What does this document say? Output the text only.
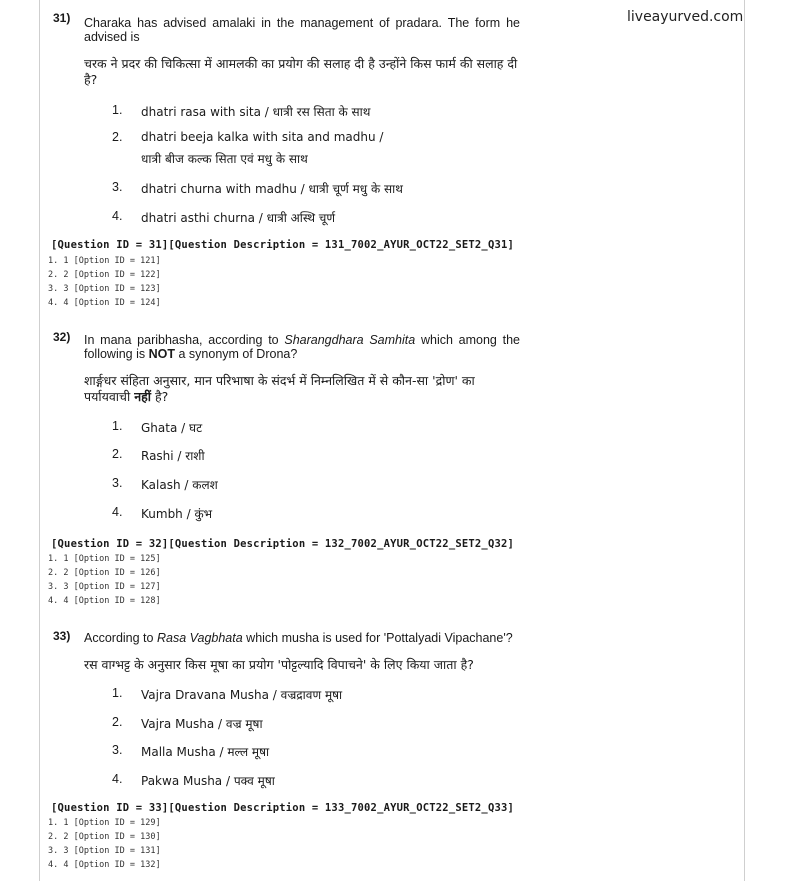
liveayurved.com
31) Charaka has advised amalaki in the management of pradara. The form he advised is
चरक ने प्रदर की चिकित्सा में आमलकी का प्रयोग की सलाह दी है उन्होंने किस फार्म की सलाह दी है?
1. dhatri rasa with sita / धात्री रस सिता के साथ
2. dhatri beeja kalka with sita and madhu /
धात्री बीज कल्क सिता एवं मधु के साथ
3. dhatri churna with madhu / धात्री चूर्ण मधु के साथ
4. dhatri asthi churna / धात्री अस्थि चूर्ण
[Question ID = 31][Question Description = 131_7002_AYUR_OCT22_SET2_Q31]
1. 1 [Option ID = 121]
2. 2 [Option ID = 122]
3. 3 [Option ID = 123]
4. 4 [Option ID = 124]
32) In mana paribhasha, according to Sharangdhara Samhita which among the following is NOT a synonym of Drona?
शार्ङ्गधर संहिता अनुसार, मान परिभाषा के संदर्भ में निम्नलिखित में से कौन-सा 'द्रोण' का पर्यायवाची नहीं है?
1. Ghata / घट
2. Rashi / राशी
3. Kalash / कलश
4. Kumbh / कुंभ
[Question ID = 32][Question Description = 132_7002_AYUR_OCT22_SET2_Q32]
1. 1 [Option ID = 125]
2. 2 [Option ID = 126]
3. 3 [Option ID = 127]
4. 4 [Option ID = 128]
33) According to Rasa Vagbhata which musha is used for 'Pottalyadi Vipachane'?
रस वाग्भट्ट के अनुसार किस मूषा का प्रयोग 'पोट्टल्यादि विपाचने' के लिए किया जाता है?
1. Vajra Dravana Musha / वज्रद्रावण मूषा
2. Vajra Musha / वज्र मूषा
3. Malla Musha / मल्ल मूषा
4. Pakwa Musha / पक्व मूषा
[Question ID = 33][Question Description = 133_7002_AYUR_OCT22_SET2_Q33]
1. 1 [Option ID = 129]
2. 2 [Option ID = 130]
3. 3 [Option ID = 131]
4. 4 [Option ID = 132]
